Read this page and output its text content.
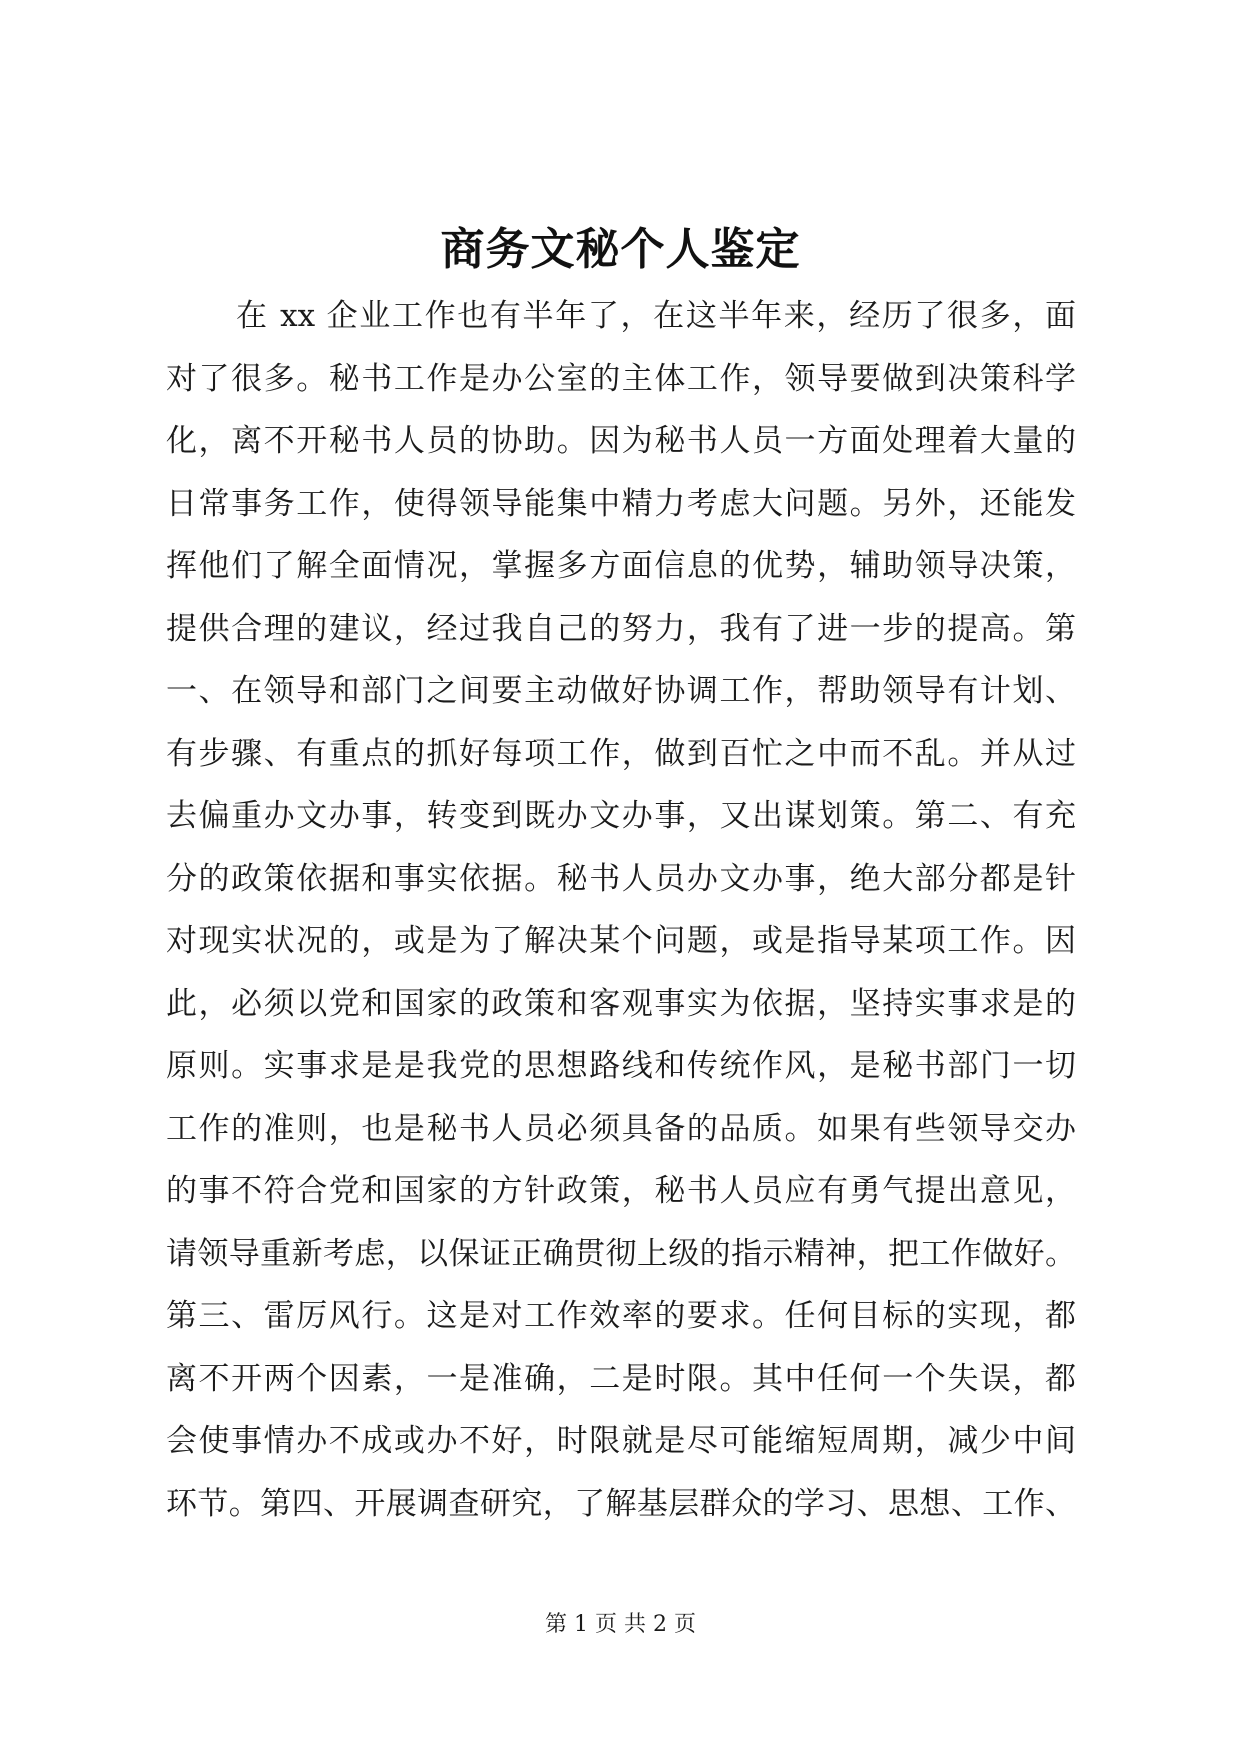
商务文秘个人鉴定
在 xx 企业工作也有半年了，在这半年来，经历了很多，面
对了很多。秘书工作是办公室的主体工作，领导要做到决策科学
化，离不开秘书人员的协助。因为秘书人员一方面处理着大量的
日常事务工作，使得领导能集中精力考虑大问题。另外，还能发
挥他们了解全面情况，掌握多方面信息的优势，辅助领导决策，
提供合理的建议，经过我自己的努力，我有了进一步的提高。第
一、在领导和部门之间要主动做好协调工作，帮助领导有计划、
有步骤、有重点的抓好每项工作，做到百忙之中而不乱。并从过
去偏重办文办事，转变到既办文办事，又出谋划策。第二、有充
分的政策依据和事实依据。秘书人员办文办事，绝大部分都是针
对现实状况的，或是为了解决某个问题，或是指导某项工作。因
此，必须以党和国家的政策和客观事实为依据，坚持实事求是的
原则。实事求是是我党的思想路线和传统作风，是秘书部门一切
工作的准则，也是秘书人员必须具备的品质。如果有些领导交办
的事不符合党和国家的方针政策，秘书人员应有勇气提出意见，
请领导重新考虑，以保证正确贯彻上级的指示精神，把工作做好。
第三、雷厉风行。这是对工作效率的要求。任何目标的实现，都
离不开两个因素，一是准确，二是时限。其中任何一个失误，都
会使事情办不成或办不好，时限就是尽可能缩短周期，减少中间
环节。第四、开展调查研究，了解基层群众的学习、思想、工作、
第 1 页 共 2 页
